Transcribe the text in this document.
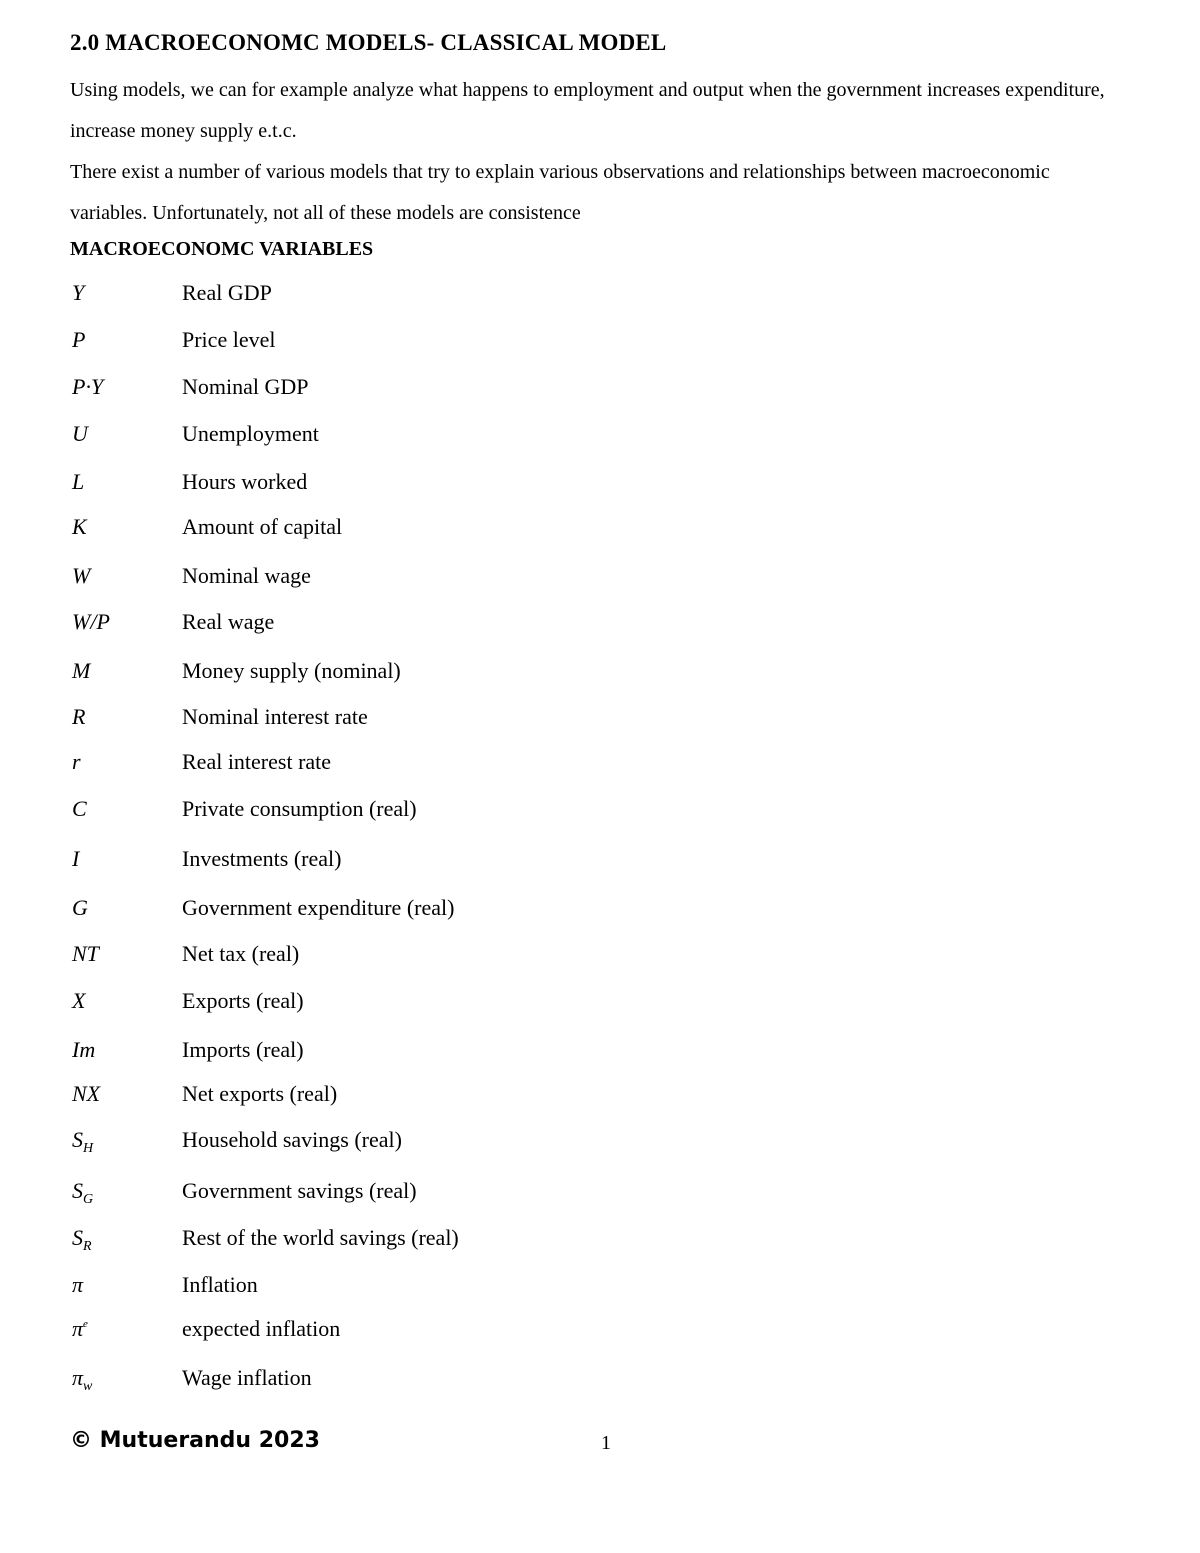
2.0 MACROECONOMC MODELS- CLASSICAL MODEL
Using models, we can for example analyze what happens to employment and output when the government increases expenditure, increase money supply e.t.c.
There exist a number of various models that try to explain various observations and relationships between macroeconomic variables. Unfortunately, not all of these models are consistence
MACROECONOMC VARIABLES
Y	Real GDP
P	Price level
P·Y	Nominal GDP
U	Unemployment
L	Hours worked
K	Amount of capital
W	Nominal wage
W/P	Real wage
M	Money supply (nominal)
R	Nominal interest rate
r	Real interest rate
C	Private consumption (real)
I	Investments (real)
G	Government expenditure (real)
NT	Net tax (real)
X	Exports (real)
Im	Imports (real)
NX	Net exports (real)
$S_H$	Household savings (real)
$S_G$	Government savings (real)
$S_R$	Rest of the world savings (real)
π	Inflation
$\pi^e$	expected inflation
$\pi_w$	Wage inflation
© Mutuerandu 2023	1
